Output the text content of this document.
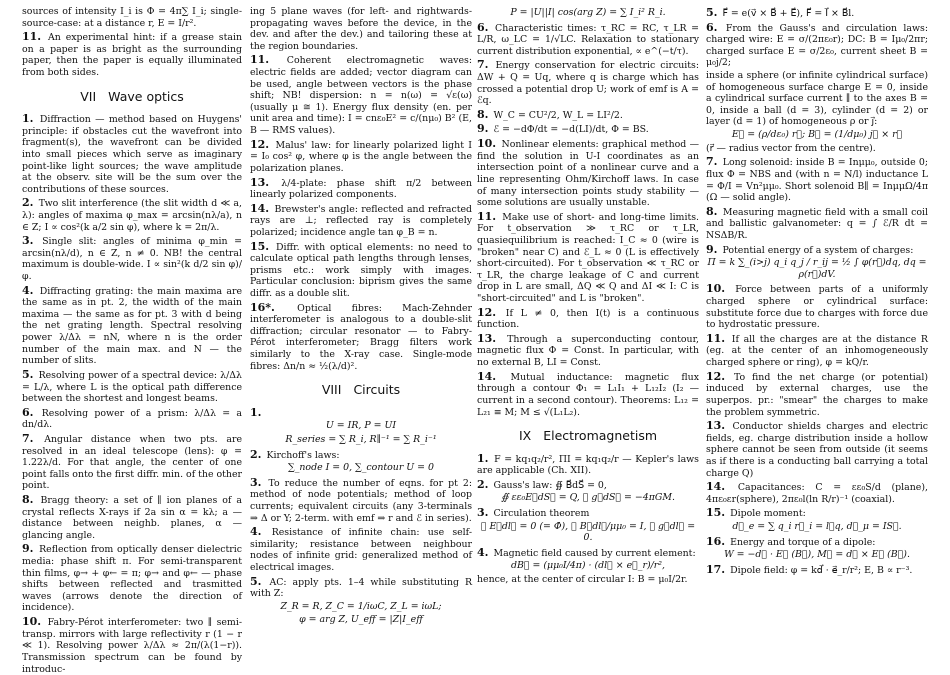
sources of intensity I_i is Φ = 4π∑ I_i; single-source-case: at a distance r, E = I/r².
11. An experimental hint: if a grease stain on a paper is as bright as the surrounding paper, then the paper is equally illuminated from both sides.
VII Wave optics
1. Diffraction — method based on Huygens' principle: if obstacles cut the wavefront into fragment(s), the wavefront can be divided into small pieces which serve as imaginary point-like light sources; the wave amplitude at the observ. site will be the sum over the contributions of these sources.
2. Two slit interference (the slit width d ≪ a, λ): angles of maxima φ_max = arcsin(nλ/a), n ∈ Z; I ∝ cos²(k a/2 sin φ), where k = 2π/λ.
3. Single slit: angles of minima φ_min = arcsin(nλ/d), n ∈ Z, n ≠ 0. NB! the central maximum is double-wide. I ∝ sin²(k d/2 sin φ)/φ.
4. Diffracting grating: the main maxima are the same as in pt. 2, the width of the main maxima — the same as for pt. 3 with d being the net grating length. Spectral resolving power λ/Δλ = nN, where n is the order number of the main max. and N — the number of slits.
5. Resolving power of a spectral device: λ/Δλ = L/λ, where L is the optical path difference between the shortest and longest beams.
6. Resolving power of a prism: λ/Δλ = a dn/dλ.
7. Angular distance when two pts. are resolved in an ideal telescope (lens): φ = 1.22λ/d. For that angle, the center of one point falls onto the first diffr. min. of the other point.
8. Bragg theory: a set of ∥ ion planes of a crystal reflects X-rays if 2a sin α = kλ; a — distance between neighb. planes, α — glancing angle.
9. Reflection from optically denser dielectric media: phase shift π. For semi-transparent thin films, φ→ + φ← = π; φ→ and φ← — phase shifts between reflected and trasmitted waves (arrows denote the direction of incidence).
10. Fabry-Pérot interferometer: two ∥ semi-transp. mirrors with large reflectivity r (1 − r ≪ 1). Resolving power λ/Δλ ≈ 2π/(λ(1−r)). Transmission spectrum can be found by introduc-
ing 5 plane waves (for left- and rightwards-propagating waves before the device, in the dev. and after the dev.) and tailoring these at the region boundaries.
11. Coherent electromagnetic waves: electric fields are added; vector diagram can be used, angle between vectors is the phase shift; NB! dispersion: n = n(ω) = √ε(ω) (usually μ ≅ 1). Energy flux density (en. per unit area and time): I = cnε₀E² = c/(nμ₀) B² (E, B — RMS values).
12. Malus' law: for linearly polarized light I = I₀ cos² φ, where φ is the angle between the polarization planes.
13. λ/4-plate: phase shift π/2 between linearly polarized components.
14. Brewster's angle: reflected and refracted rays are ⊥; reflected ray is completely polarized; incidence angle tan φ_B = n.
15. Diffr. with optical elements: no need to calculate optical path lengths through lenses, prisms etc.: work simply with images. Particular conclusion: biprism gives the same diffr. as a double slit.
16*. Optical fibres: Mach-Zehnder interferometer is analogous to a double-slit diffraction; circular resonator — to Fabry-Pérot interferometer; Bragg filters work similarly to the X-ray case. Single-mode fibres: Δn/n ≈ ½(λ/d)².
VIII Circuits
1.
U = IR, P = UI
R_series = ∑ R_i, R∥⁻¹ = ∑ R_i⁻¹
2. Kirchoff's laws:
∑_node I = 0, ∑_contour U = 0
3. To reduce the number of eqns. for pt 2: method of node potentials; method of loop currents; equivalent circuits (any 3-terminals ⇒ Δ or Y; 2-term. with emf ⇒ r and ℰ in series).
4. Resistance of infinite chain: use self-similarity; resistance between neighbour nodes of infinite grid: generalized method of electrical images.
5. AC: apply pts. 1–4 while substituting R with Z:
Z_R = R, Z_C = 1/iωC, Z_L = iωL;
φ = arg Z, U_eff = |Z|I_eff
P = |U||I| cos(arg Z) = ∑ I_i² R_i.
6. Characteristic times: τ_RC = RC, τ_LR = L/R, ω_LC = 1/√LC. Relaxation to stationary current distribution exponential, ∝ e^(−t/τ).
7. Energy conservation for electric circuits: ΔW + Q = Uq, where q is charge which has crossed a potential drop U; work of emf is A = ℰq.
8. W_C = CU²/2, W_L = LI²/2.
9. ℰ = −dΦ/dt = −d(LI)/dt, Φ = BS.
10. Nonlinear elements: graphical method — find the solution in U-I coordinates as an intersection point of a nonlinear curve and a line representing Ohm/Kirchoff laws. In case of many intersection points study stability — some solutions are usually unstable.
11. Make use of short- and long-time limits. For t_observation ≫ τ_RC or τ_LR, quasiequilibrium is reached: I_C ≈ 0 (wire is "broken" near C) and ℰ_L ≈ 0 (L is effectively short-circuited). For t_observation ≪ τ_RC or τ_LR, the charge leakage of C and current drop in L are small, ΔQ ≪ Q and ΔI ≪ I: C is "short-circuited" and L is "broken".
12. If L ≠ 0, then I(t) is a continuous function.
13. Through a superconducting contour, magnetic flux Φ = Const. In particular, with no external B, LI = Const.
14. Mutual inductance: magnetic flux through a contour Φ₁ = L₁I₁ + L₁₂I₂ (I₂ — current in a second contour). Theorems: L₁₂ = L₂₁ ≡ M; M ≤ √(L₁L₂).
IX Electromagnetism
1. F = kq₁q₂/r², ΠI = kq₁q₂/r — Kepler's laws are applicable (Ch. XII).
2. Gauss's law: ∯ B⃗dS⃗ = 0,
∯ εε₀E⃗dS⃗ = Q, ∯ g⃗dS⃗ = −4πGM.
3. Circulation theorem
∮ E⃗dl⃗ = 0 (= Φ̇), ∮ B⃗dl⃗/μμ₀ = I, ∮ g⃗dl⃗ = 0.
4. Magnetic field caused by current element:
dB⃗ = (μμ₀I/4π) · (dl⃗ × e⃗_r)/r²,
hence, at the center of circular I: B = μ₀I/2r.
5. F⃗ = e(v⃗ × B⃗ + E⃗), F⃗ = I⃗ × B⃗l.
6. From the Gauss's and circulation laws: charged wire: E = σ/(2πε₀r); DC: B = Iμ₀/2πr; charged surface E = σ/2ε₀, current sheet B = μ₀j/2;
inside a sphere (or infinite cylindrical surface) of homogeneous surface charge E = 0, inside a cylindrical surface current ∥ to the axes B = 0, inside a ball (d = 3), cylinder (d = 2) or layer (d = 1) of homogeneous ρ or j⃗:
E⃗ = (ρ/dε₀) r⃗; B⃗ = (1/dμ₀) j⃗ × r⃗
(r⃗ — radius vector from the centre).
7. Long solenoid: inside B = Inμμ₀, outside 0; flux Φ = NBS and (with n = N/l) inductance L = Φ/I = Vn²μμ₀. Short solenoid B∥ = InμμΩ/4π (Ω — solid angle).
8. Measuring magnetic field with a small coil and ballistic galvanometer: q = ∫ ℰ/R dt = NSΔB/R.
9. Potential energy of a system of charges:
Π = k ∑_(i>j) q_i q_j / r_ij = ½ ∫ φ(r⃗)dq, dq = ρ(r⃗)dV.
10. Force between parts of a uniformly charged sphere or cylindrical surface: substitute force due to charges with force due to hydrostatic pressure.
11. If all the charges are at the distance R (eg. at the center of an inhomogeneously charged sphere or ring), φ = kQ/r.
12. To find the net charge (or potential) induced by external charges, use the superpos. pr.: "smear" the charges to make the problem symmetric.
13. Conductor shields charges and electric fields, eg. charge distribution inside a hollow sphere cannot be seen from outside (it seems as if there is a conducting ball carrying a total charge Q)
14. Capacitances: C = εε₀S/d (plane), 4πε₀εr(sphere), 2πε₀l(ln R/r)⁻¹ (coaxial).
15. Dipole moment:
d⃗_e = ∑ q_i r⃗_i = l⃗q, d⃗_μ = IS⃗.
16. Energy and torque of a dipole:
W = −d⃗ · E⃗ (B⃗), M⃗ = d⃗ × E⃗ (B⃗).
17. Dipole field: φ = kd⃗ · e⃗_r/r²; E, B ∝ r⁻³.
